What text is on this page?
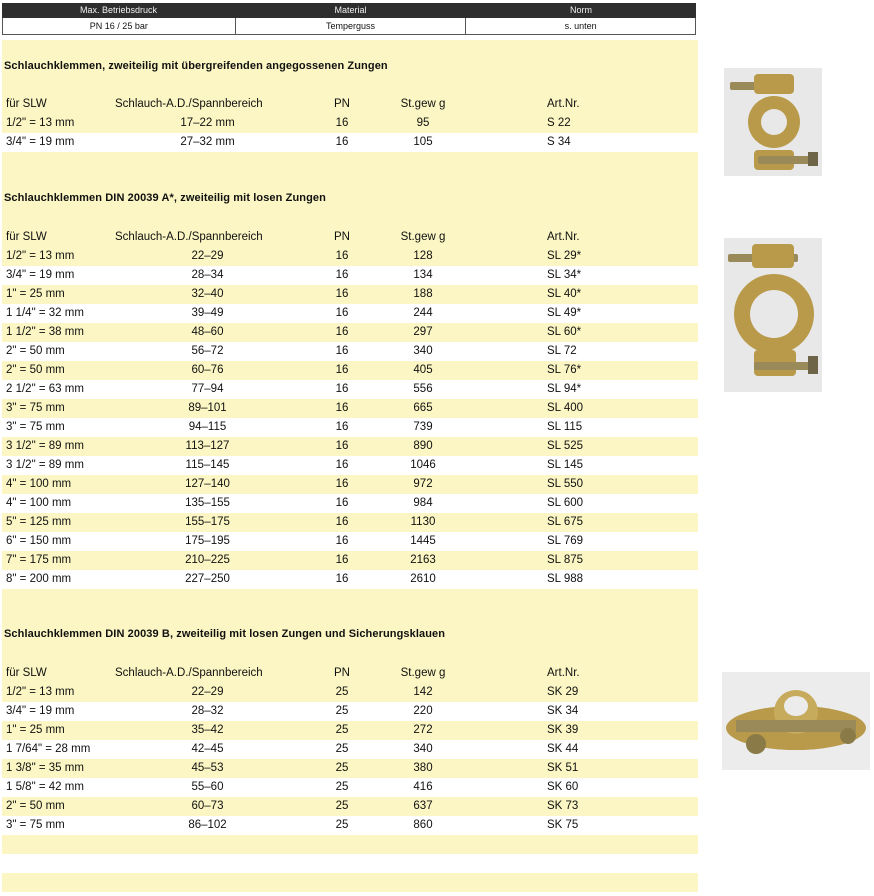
Max. Betriebsdruck	Material	Norm
PN 16 / 25 bar	Temperguss	s. unten
Schlauchklemmen, zweiteilig mit übergreifenden angegossenen Zungen
für SLW	Schlauch-A.D./Spannbereich	PN	St.gew g	Art.Nr.
1/2" = 13 mm	17–22 mm	16	95	S 22
3/4" = 19 mm	27–32 mm	16	105	S 34
Schlauchklemmen DIN 20039 A*, zweiteilig mit losen Zungen
für SLW	Schlauch-A.D./Spannbereich	PN	St.gew g	Art.Nr.
1/2" = 13 mm	22–29	16	128	SL 29*
3/4" = 19 mm	28–34	16	134	SL 34*
1" = 25 mm	32–40	16	188	SL 40*
1 1/4" = 32 mm	39–49	16	244	SL 49*
1 1/2" = 38 mm	48–60	16	297	SL 60*
2" = 50 mm	56–72	16	340	SL 72
2" = 50 mm	60–76	16	405	SL 76*
2 1/2" = 63 mm	77–94	16	556	SL 94*
3" = 75 mm	89–101	16	665	SL 400
3" = 75 mm	94–115	16	739	SL 115
3 1/2" = 89 mm	113–127	16	890	SL 525
3 1/2" = 89 mm	115–145	16	1046	SL 145
4" = 100 mm	127–140	16	972	SL 550
4" = 100 mm	135–155	16	984	SL 600
5" = 125 mm	155–175	16	1130	SL 675
6" = 150 mm	175–195	16	1445	SL 769
7" = 175 mm	210–225	16	2163	SL 875
8" = 200 mm	227–250	16	2610	SL 988
Schlauchklemmen DIN 20039 B, zweiteilig mit losen Zungen und Sicherungsklauen
für SLW	Schlauch-A.D./Spannbereich	PN	St.gew g	Art.Nr.
1/2" = 13 mm	22–29	25	142	SK 29
3/4" = 19 mm	28–32	25	220	SK 34
1" = 25 mm	35–42	25	272	SK 39
1 7/64" = 28 mm	42–45	25	340	SK 44
1 3/8" = 35 mm	45–53	25	380	SK 51
1 5/8" = 42 mm	55–60	25	416	SK 60
2" = 50 mm	60–73	25	637	SK 73
3" = 75 mm	86–102	25	860	SK 75
